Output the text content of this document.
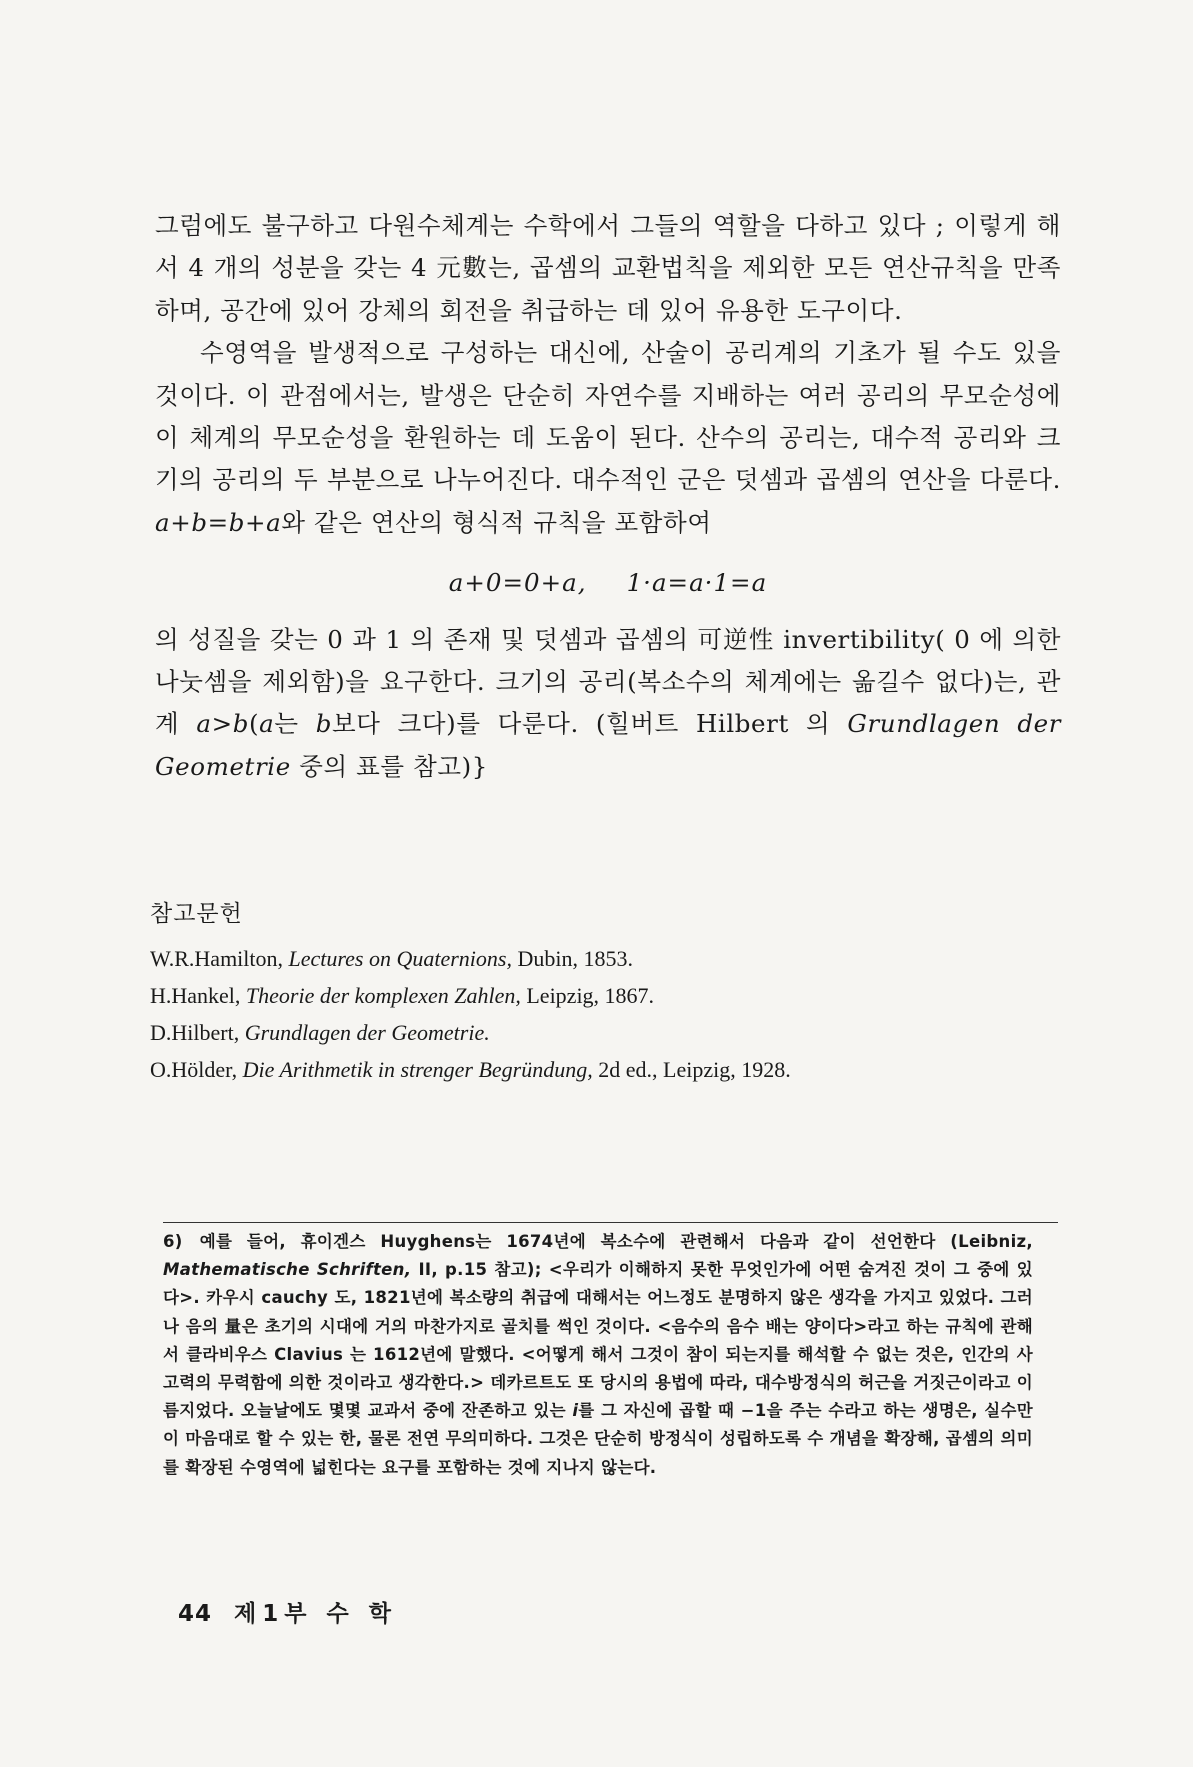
그럼에도 불구하고 다원수체계는 수학에서 그들의 역할을 다하고 있다 ; 이렇게 해서 4 개의 성분을 갖는 4 元數는, 곱셈의 교환법칙을 제외한 모든 연산규칙을 만족하며, 공간에 있어 강체의 회전을 취급하는 데 있어 유용한 도구이다.

수영역을 발생적으로 구성하는 대신에, 산술이 공리계의 기초가 될 수도 있을 것이다. 이 관점에서는, 발생은 단순히 자연수를 지배하는 여러 공리의 무모순성에 이 체계의 무모순성을 환원하는 데 도움이 된다. 산수의 공리는, 대수적 공리와 크기의 공리의 두 부분으로 나누어진다. 대수적인 군은 덧셈과 곱셈의 연산을 다룬다. a+b=b+a와 같은 연산의 형식적 규칙을 포함하여

a+0=0+a, 1·a=a·1=a

의 성질을 갖는 0 과 1 의 존재 및 덧셈과 곱셈의 可逆性 invertibility( 0 에 의한 나눗셈을 제외함)을 요구한다. 크기의 공리(복소수의 체계에는 옮길수 없다)는, 관계 a>b(a는 b보다 크다)를 다룬다. (힐버트 Hilbert 의 Grundlagen der Geometrie 중의 표를 참고)}

참고문헌

W.R.Hamilton, Lectures on Quaternions, Dubin, 1853.

H.Hankel, Theorie der komplexen Zahlen, Leipzig, 1867.

D.Hilbert, Grundlagen der Geometrie.

O.Hölder, Die Arithmetik in strenger Begründung, 2d ed., Leipzig, 1928.

6) 예를 들어, 휴이겐스 Huyghens는 1674년에 복소수에 관련해서 다음과 같이 선언한다 (Leibniz, Mathematische Schriften, II, p.15 참고); <우리가 이해하지 못한 무엇인가에 어떤 숨겨진 것이 그 중에 있다>. 카우시 cauchy 도, 1821년에 복소량의 취급에 대해서는 어느정도 분명하지 않은 생각을 가지고 있었다. 그러나 음의 量은 초기의 시대에 거의 마찬가지로 골치를 썩인 것이다. <음수의 음수 배는 양이다>라고 하는 규칙에 관해서 클라비우스 Clavius 는 1612년에 말했다. <어떻게 해서 그것이 참이 되는지를 해석할 수 없는 것은, 인간의 사고력의 무력함에 의한 것이라고 생각한다.> 데카르트도 또 당시의 용법에 따라, 대수방정식의 허근을 거짓근이라고 이름지었다. 오늘날에도 몇몇 교과서 중에 잔존하고 있는 i를 그 자신에 곱할 때 −1을 주는 수라고 하는 생명은, 실수만이 마음대로 할 수 있는 한, 물론 전연 무의미하다. 그것은 단순히 방정식이 성립하도록 수 개념을 확장해, 곱셈의 의미를 확장된 수영역에 넓힌다는 요구를 포함하는 것에 지나지 않는다.
44 제1부 수 학
